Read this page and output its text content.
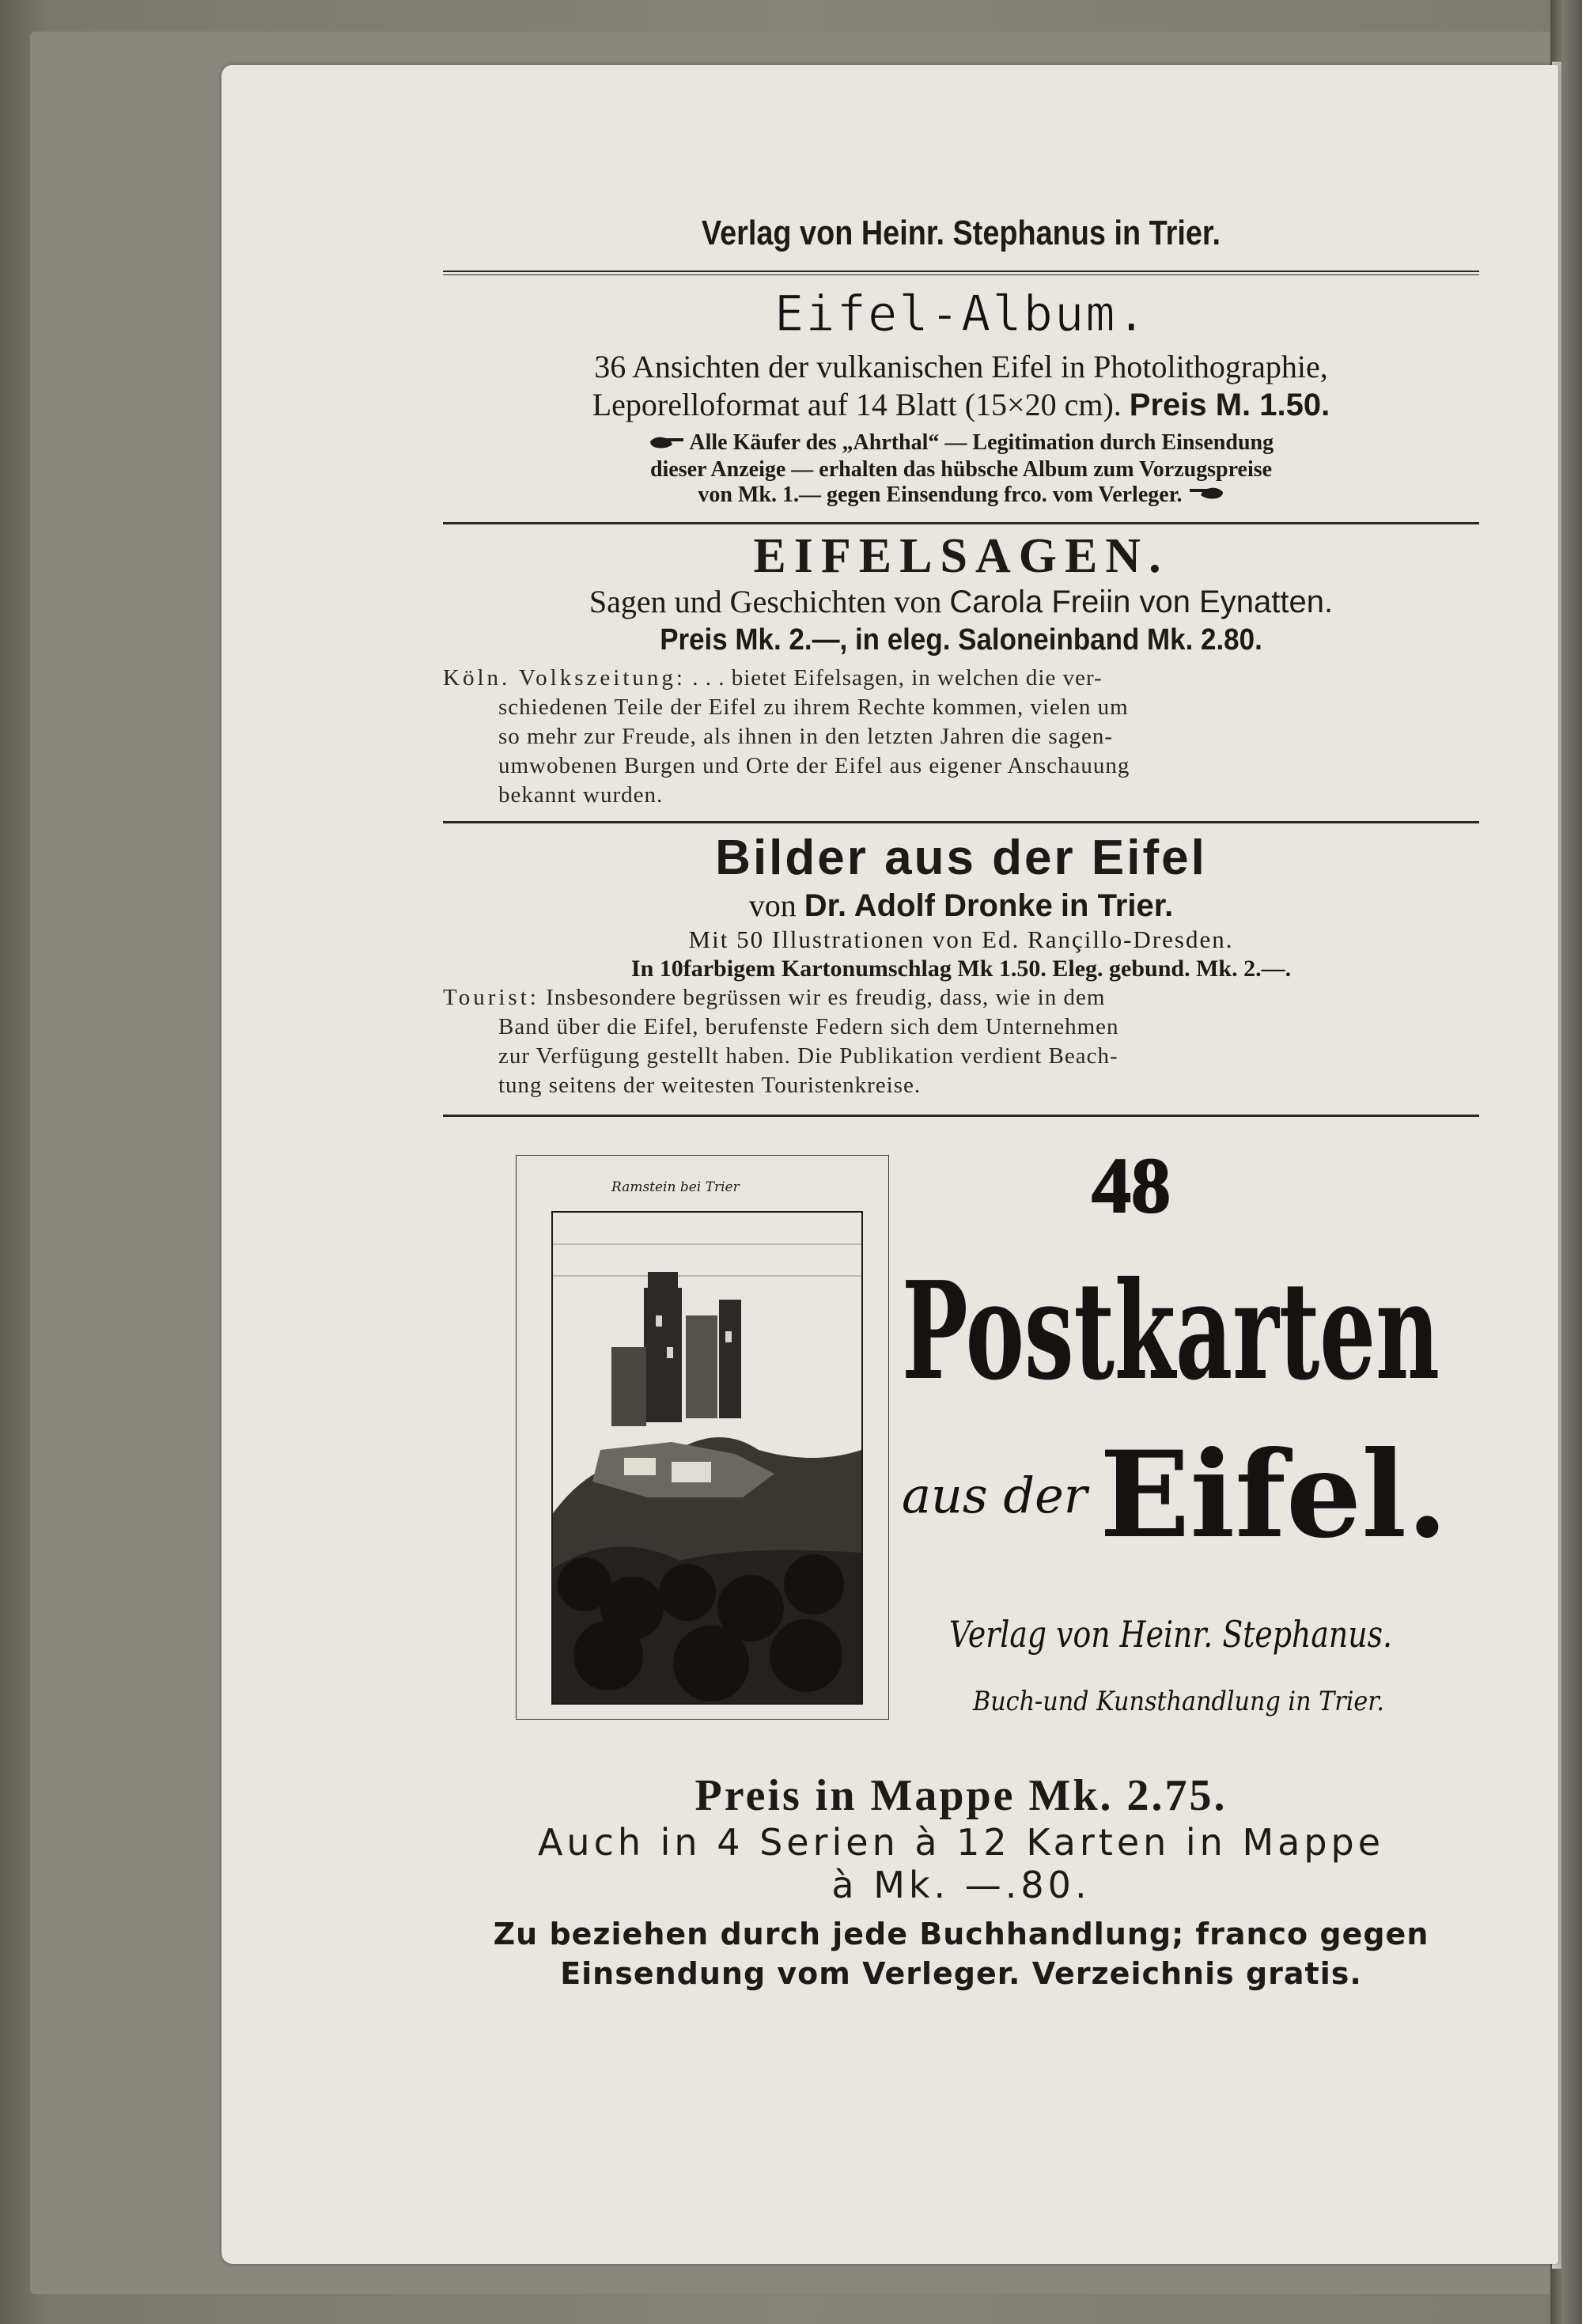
Verlag von Heinr. Stephanus in Trier.
Eifel-Album.
36 Ansichten der vulkanischen Eifel in Photolithographie,
Leporelloformat auf 14 Blatt (15×20 cm). Preis M. 1.50.
Alle Käufer des „Ahrthal“ — Legitimation durch Einsendung
dieser Anzeige — erhalten das hübsche Album zum Vorzugspreise
von Mk. 1.— gegen Einsendung frco. vom Verleger.
EIFELSAGEN.
Sagen und Geschichten von Carola Freiin von Eynatten.
Preis Mk. 2.—, in eleg. Saloneinband Mk. 2.80.
Köln. Volkszeitung: . . . bietet Eifelsagen, in welchen die ver-
schiedenen Teile der Eifel zu ihrem Rechte kommen, vielen um
so mehr zur Freude, als ihnen in den letzten Jahren die sagen-
umwobenen Burgen und Orte der Eifel aus eigener Anschauung
bekannt wurden.
Bilder aus der Eifel
von Dr. Adolf Dronke in Trier.
Mit 50 Illustrationen von Ed. Rançillo-Dresden.
In 10farbigem Kartonumschlag Mk 1.50. Eleg. gebund. Mk. 2.—.
Tourist: Insbesondere begrüssen wir es freudig, dass, wie in dem
Band über die Eifel, berufenste Federn sich dem Unternehmen
zur Verfügung gestellt haben. Die Publikation verdient Beach-
tung seitens der weitesten Touristenkreise.
Ramstein bei Trier	48
Postkarten
aus der Eifel.
Verlag von Heinr. Stephanus.
Buch-und Kunsthandlung in Trier.
Preis in Mappe Mk. 2.75.
Auch in 4 Serien à 12 Karten in Mappe
à Mk. —.80.
Zu beziehen durch jede Buchhandlung; franco gegen
Einsendung vom Verleger. Verzeichnis gratis.
